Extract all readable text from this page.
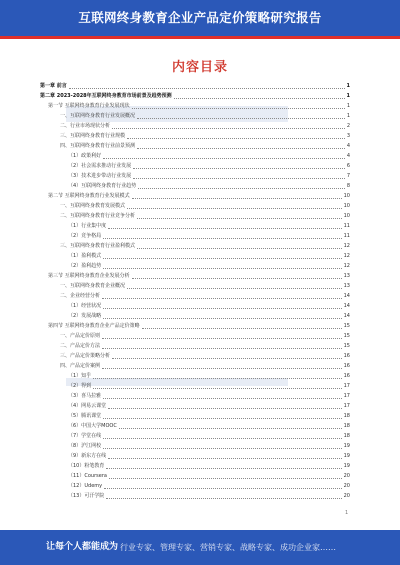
互联网终身教育企业产品定价策略研究报告
内容目录
第一章 前言	1
第二章 2023-2028年互联网终身教育市场前景及趋势预测	1
第一节 互联网终身教育行业发展现状	1
一、互联网终身教育行业发展概况	1
二、行业市场现状分析	2
三、互联网终身教育行业规模	3
四、互联网终身教育行业前景预测	4
（1）政策利好	4
（2）社会需求推动行业发展	6
（3）技术进步带动行业发展	7
（4）互联网终身教育行业趋势	8
第二节 互联网终身教育行业发展模式	10
一、互联网终身教育发展模式	10
二、互联网终身教育行业竞争分析	10
（1）行业集中度	11
（2）竞争格局	11
三、互联网终身教育行业盈利模式	12
（1）盈利模式	12
（2）盈利趋势	12
第三节 互联网终身教育企业发展分析	13
一、互联网终身教育企业概况	13
二、企业经营分析	14
（1）经营状况	14
（2）发展战略	14
第四节 互联网终身教育企业产品定价策略	15
一、产品定价原则	15
二、产品定价方法	15
三、产品定价策略分析	16
四、产品定价案例	16
（1）知乎	16
（2）得到	17
（3）喜马拉雅	17
（4）网易云课堂	17
（5）腾讯课堂	18
（6）中国大学MOOC	18
（7）学堂在线	18
（8）沪江网校	19
（9）新东方在线	19
（10）粉笔教育	19
（11）Coursera	20
（12）Udemy	20
（13）可汗学院	20
1
让每个人都能成为 行业专家、管理专家、营销专家、战略专家、成功企业家……
